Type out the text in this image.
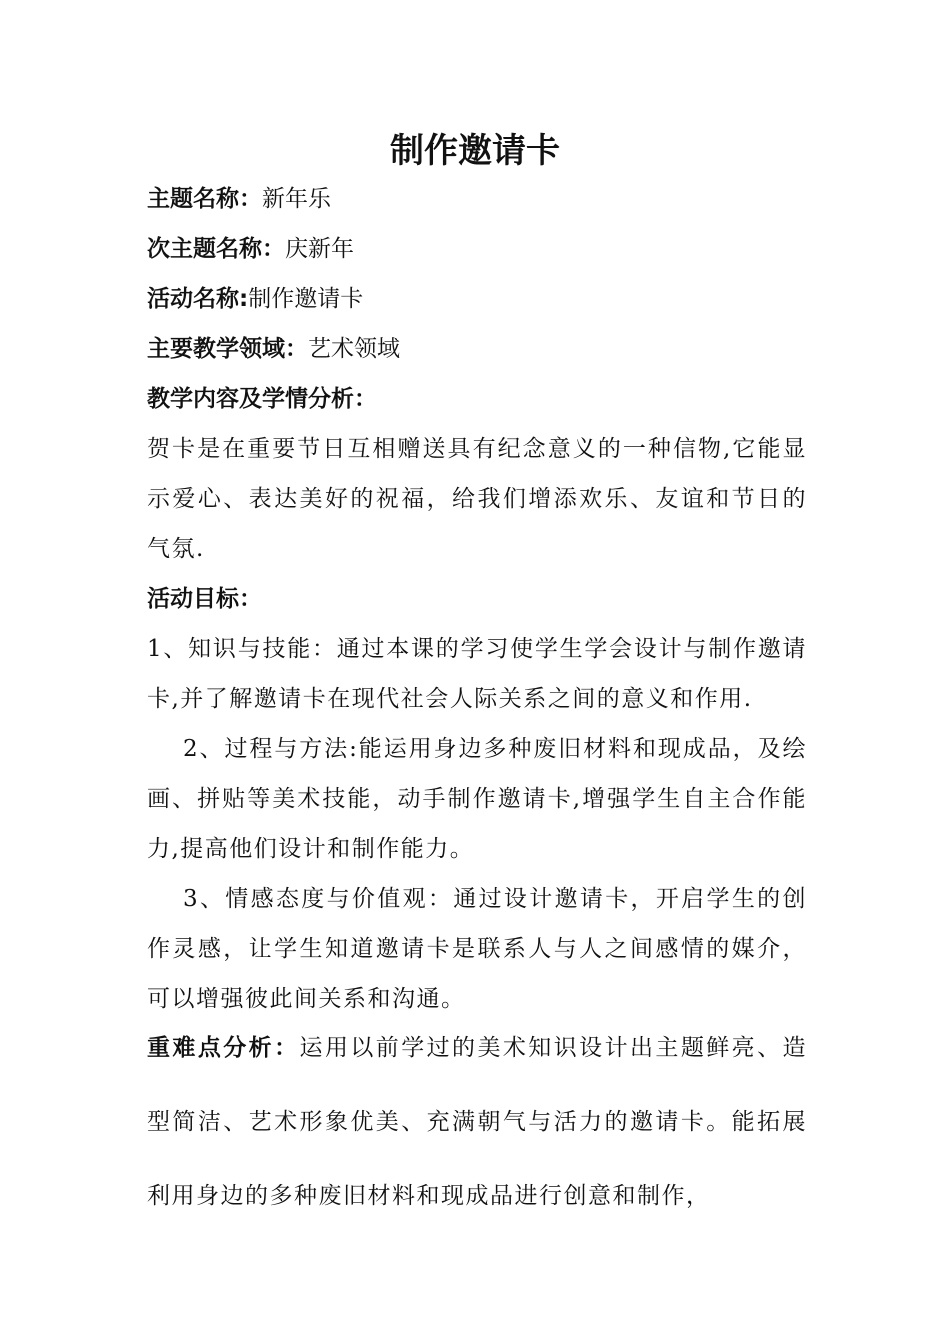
制作邀请卡
主题名称：新年乐
次主题名称：庆新年
活动名称:制作邀请卡
主要教学领域：艺术领域
教学内容及学情分析：
贺卡是在重要节日互相赠送具有纪念意义的一种信物,它能显示爱心、表达美好的祝福，给我们增添欢乐、友谊和节日的气氛.
活动目标：
1、知识与技能：通过本课的学习使学生学会设计与制作邀请卡,并了解邀请卡在现代社会人际关系之间的意义和作用.
2、过程与方法:能运用身边多种废旧材料和现成品，及绘画、拼贴等美术技能，动手制作邀请卡,增强学生自主合作能力,提高他们设计和制作能力。
3、情感态度与价值观：通过设计邀请卡，开启学生的创作灵感，让学生知道邀请卡是联系人与人之间感情的媒介，可以增强彼此间关系和沟通。
重难点分析：运用以前学过的美术知识设计出主题鲜亮、造型简洁、艺术形象优美、充满朝气与活力的邀请卡。能拓展利用身边的多种废旧材料和现成品进行创意和制作，
